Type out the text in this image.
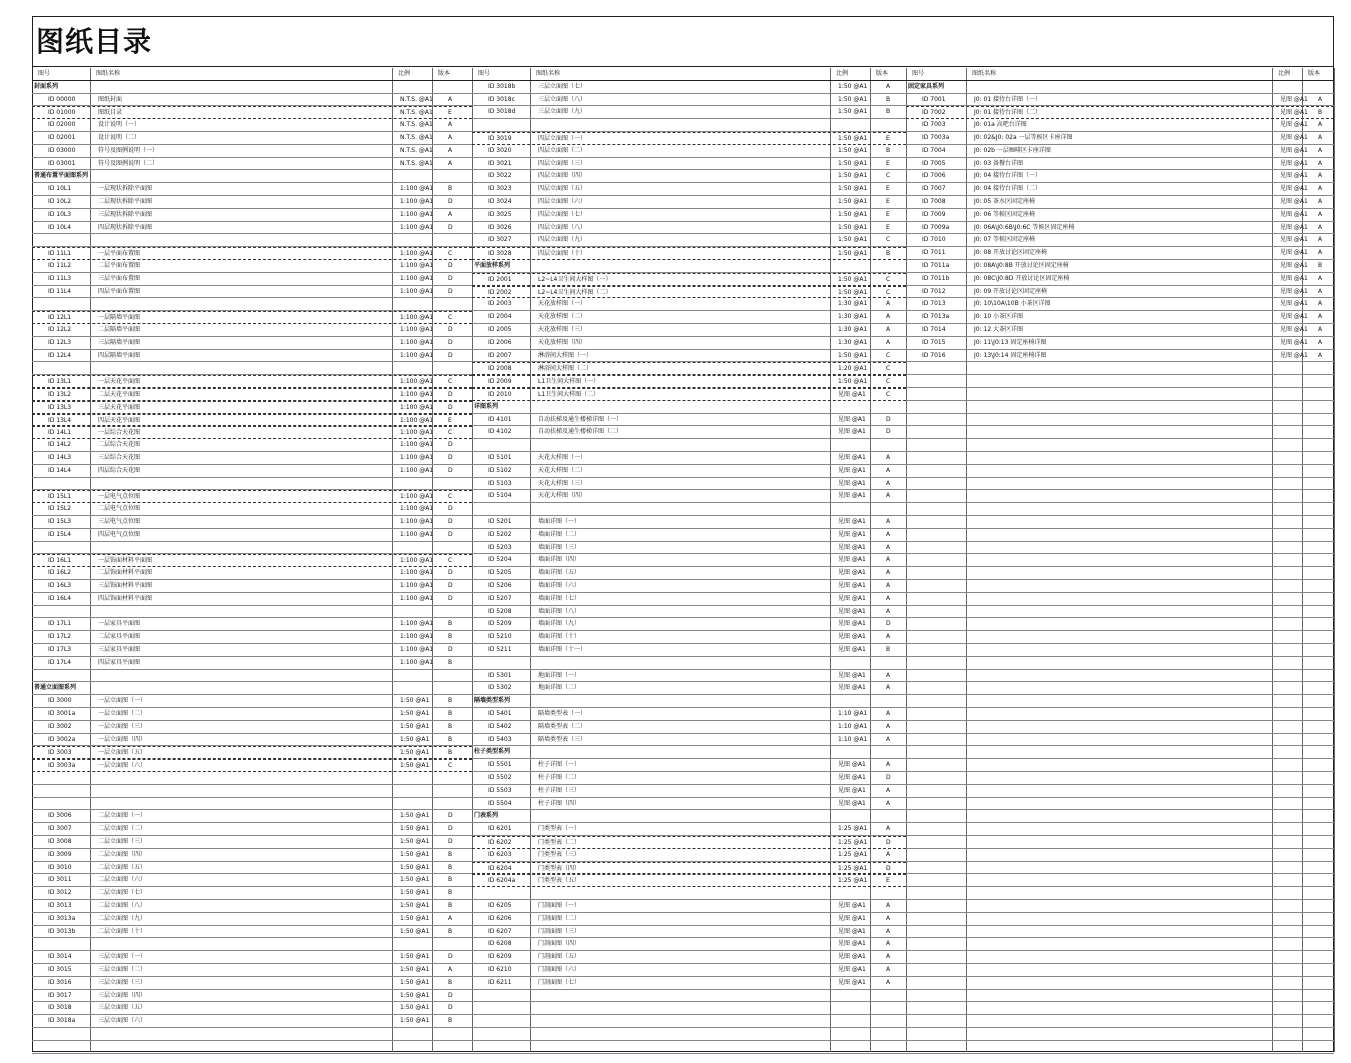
图纸目录
图号	图纸名称	比例	版本
封面系列
ID 00000	图纸封面	N.T.S. @A1	A
ID 01000	图纸目录	N.T.S. @A1	E
ID 02000	设计说明（一）	N.T.S. @A1	A
ID 02001	设计说明（二）	N.T.S. @A1	A
ID 03000	符号及图例说明（一）	N.T.S. @A1	A
ID 03001	符号及图例说明（二）	N.T.S. @A1	A
普通布置平面图系列
ID 10L1	一层现状拆除平面图	1:100 @A1 B
ID 10L2	二层现状拆除平面图	1:100 @A1 D
ID 10L3	三层现状拆除平面图	1:100 @A1 A
ID 10L4	四层现状拆除平面图	1:100 @A1 D
ID 11L1	一层平面布置图	1:100 @A1 C
ID 11L2	二层平面布置图	1:100 @A1 D
ID 11L3	三层平面布置图	1:100 @A1 D
ID 11L4	四层平面布置图	1:100 @A1 D
ID 12L1	一层隔墙平面图	1:100 @A1 C
ID 12L2	二层隔墙平面图	1:100 @A1 D
ID 12L3	三层隔墙平面图	1:100 @A1 D
ID 12L4	四层隔墙平面图	1:100 @A1 D
ID 13L1	一层天花平面图	1:100 @A1 C
ID 13L2	二层天花平面图	1:100 @A1 D
ID 13L3	三层天花平面图	1:100 @A1 D
ID 13L4	四层天花平面图	1:100 @A1 E
ID 14L1	一层综合天花图	1:100 @A1 C
ID 14L2	二层综合天花图	1:100 @A1 D
ID 14L3	三层综合天花图	1:100 @A1 D
ID 14L4	四层综合天花图	1:100 @A1 D
ID 15L1	一层电气点位图	1:100 @A1 C
ID 15L2	二层电气点位图	1:100 @A1 D
ID 15L3	三层电气点位图	1:100 @A1 D
ID 15L4	四层电气点位图	1:100 @A1 D
ID 16L1	一层饰面材料平面图	1:100 @A1 C
ID 16L2	二层饰面材料平面图	1:100 @A1 D
ID 16L3	三层饰面材料平面图	1:100 @A1 D
ID 16L4	四层饰面材料平面图	1:100 @A1 D
ID 17L1	一层家具平面图	1:100 @A1 B
ID 17L2	二层家具平面图	1:100 @A1 B
ID 17L3	三层家具平面图	1:100 @A1 D
ID 17L4	四层家具平面图	1:100 @A1 B
普通立面图系列
ID 3000	一层立面图（一）	1:50 @A1	B
ID 3001a	一层立面图（二）	1:50 @A1	B
ID 3002	一层立面图（三）	1:50 @A1	B
ID 3002a	一层立面图（四）	1:50 @A1	B
ID 3003	一层立面图（五）	1:50 @A1	B
ID 3003a	一层立面图（六）	1:50 @A1	C
ID 3006	二层立面图（一）	1:50 @A1	D
ID 3007	二层立面图（二）	1:50 @A1	D
ID 3008	二层立面图（三）	1:50 @A1	D
ID 3009	二层立面图（四）	1:50 @A1	B
ID 3010	二层立面图（五）	1:50 @A1	B
ID 3011	二层立面图（六）	1:50 @A1	B
ID 3012	二层立面图（七）	1:50 @A1	B
ID 3013	二层立面图（八）	1:50 @A1	B
ID 3013a	二层立面图（九）	1:50 @A1	A
ID 3013b	二层立面图（十）	1:50 @A1	B
ID 3014	三层立面图（一）	1:50 @A1	D
ID 3015	三层立面图（二）	1:50 @A1	A
ID 3016	三层立面图（三）	1:50 @A1	B
ID 3017	三层立面图（四）	1:50 @A1	D
ID 3018	三层立面图（五）	1:50 @A1	D
ID 3018a	三层立面图（六）	1:50 @A1	B
图号	图纸名称	比例	版本
ID 3018b	三层立面图（七）	1:50 @A1	A
ID 3018c	三层立面图（八）	1:50 @A1	B
ID 3018d	三层立面图（九）	1:50 @A1	B
ID 3019	四层立面图（一）	1:50 @A1	E
ID 3020	四层立面图（二）	1:50 @A1	B
ID 3021	四层立面图（三）	1:50 @A1	E
ID 3022	四层立面图（四）	1:50 @A1	C
ID 3023	四层立面图（五）	1:50 @A1	E
ID 3024	四层立面图（六）	1:50 @A1	E
ID 3025	四层立面图（七）	1:50 @A1	E
ID 3026	四层立面图（八）	1:50 @A1	E
ID 3027	四层立面图（九）	1:50 @A1	C
ID 3028	四层立面图（十）	1:50 @A1	B
平面放样系列
ID 2001	L2~L4卫生间大样图（一）	1:50 @A1	C
ID 2002	L2~L4卫生间大样图（二）	1:50 @A1	C
ID 2003	天花放样图（一）	1:30 @A1	A
ID 2004	天花放样图（二）	1:30 @A1	A
ID 2005	天花放样图（三）	1:30 @A1	A
ID 2006	天花放样图（四）	1:30 @A1	A
ID 2007	淋浴间大样图（一）	1:50 @A1	C
ID 2008	淋浴间大样图（二）	1:20 @A1	C
ID 2009	L1卫生间大样图（一）	1:50 @A1	C
ID 2010	L1卫生间大样图（二）	见图 @A1	C
详图系列
ID 4101	自动扶梯及通生楼梯详图（一）	见图 @A1	D
ID 4102	自动扶梯及通生楼梯详图（二）	见图 @A1	D
ID 5101	天花大样图（一）	见图 @A1	A
ID 5102	天花大样图（二）	见图 @A1	A
ID 5103	天花大样图（三）	见图 @A1	A
ID 5104	天花大样图（四）	见图 @A1	A
ID 5201	墙面详图（一）	见图 @A1	A
ID 5202	墙面详图（二）	见图 @A1	A
ID 5203	墙面详图（三）	见图 @A1	A
ID 5204	墙面详图（四）	见图 @A1	A
ID 5205	墙面详图（五）	见图 @A1	A
ID 5206	墙面详图（六）	见图 @A1	A
ID 5207	墙面详图（七）	见图 @A1	A
ID 5208	墙面详图（八）	见图 @A1	A
ID 5209	墙面详图（九）	见图 @A1	D
ID 5210	墙面详图（十）	见图 @A1	A
ID 5211	墙面详图（十一）	见图 @A1	B
ID 5301	地面详图（一）	见图 @A1	A
ID 5302	地面详图（二）	见图 @A1	A
隔墙类型系列
ID 5401	隔墙类型表（一）	1:10 @A1	A
ID 5402	隔墙类型表（二）	1:10 @A1	A
ID 5403	隔墙类型表（三）	1:10 @A1	A
柱子类型系列
ID 5501	柱子详图（一）	见图 @A1	A
ID 5502	柱子详图（二）	见图 @A1	D
ID 5503	柱子详图（三）	见图 @A1	A
ID 5504	柱子详图（四）	见图 @A1	A
门表系列
ID 6201	门类型表（一）	1:25 @A1	A
ID 6202	门类型表（二）	1:25 @A1	D
ID 6203	门类型表（三）	1:25 @A1	A
ID 6204	门类型表（四）	1:25 @A1	D
ID 6204a	门类型表（五）	1:25 @A1	E
ID 6205	门剖面图（一）	见图 @A1	A
ID 6206	门剖面图（二）	见图 @A1	A
ID 6207	门剖面图（三）	见图 @A1	A
ID 6208	门剖面图（四）	见图 @A1	A
ID 6209	门剖面图（五）	见图 @A1	A
ID 6210	门剖面图（六）	见图 @A1	A
ID 6211	门剖面图（七）	见图 @A1	A
图号	图纸名称	比例	版本
固定家具系列
ID 7001	J0: 01 接待台详图（一）	见图 @A1 A
ID 7002	J0: 01 接待台详图（二）	见图 @A1 B
ID 7003	J0: 01a 高吧台详图	见图 @A1 A
ID 7003a	J0: 02&J0: 02a 一层等候区卡座详图	见图 @A1 A
ID 7004	J0: 02b 一层咖啡区卡座详图	见图 @A1 A
ID 7005	J0: 03 备餐台详图	见图 @A1 A
ID 7006	J0: 04 接待台详图（一）	见图 @A1 A
ID 7007	J0: 04 接待台详图（二）	见图 @A1 A
ID 7008	J0: 05 茶水区固定座椅	见图 @A1 A
ID 7009	J0: 06 等候区固定座椅	见图 @A1 A
ID 7009a	J0: 06A\J0:6B\J0:6C 等候区固定座椅	见图 @A1 A
ID 7010	J0: 07 等候区固定座椅	见图 @A1 A
ID 7011	J0: 08 开放讨论区固定座椅	见图 @A1 A
ID 7011a	J0: 08A\J0:8B 开放讨论区固定座椅	见图 @A1 B
ID 7011b	J0: 08C\J0:8D 开放讨论区固定座椅	见图 @A1 A
ID 7012	J0: 09 开放讨论区固定座椅	见图 @A1 A
ID 7013	J0: 10\10A\10B 小茶区详图	见图 @A1 A
ID 7013a	J0: 10 小茶区详图	见图 @A1 A
ID 7014	J0: 12 大茶区详图	见图 @A1 A
ID 7015	J0: 11\J0:13 固定座椅详图	见图 @A1 A
ID 7016	J0: 13\J0:14 固定座椅详图	见图 @A1 A
